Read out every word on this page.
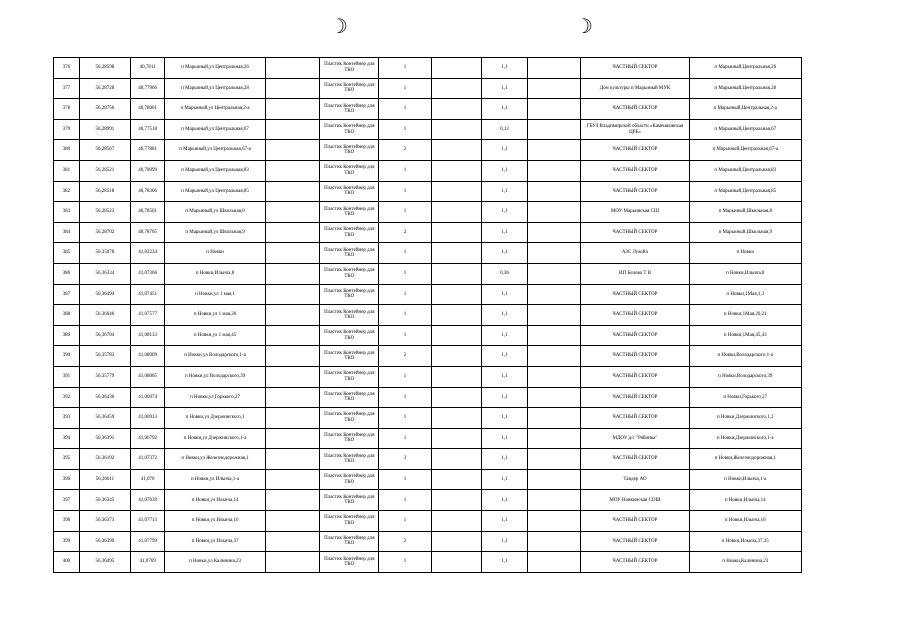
☽	☽
376	56,28598	40,7811	п Марьиный,ул Центральная,26		Пластик Контейнер для ТКО	1		1,1		ЧАСТНЫЙ СЕКТОР	п Марьиный,Центральная,26
377	56,28728	40,77966	п Марьиный,ул Центральная,28		Пластик Контейнер для ТКО	1		1,1		Дом культуры п Марьиный МУК	п Марьиный,Центральная,28
378	56,28756	40,78001	п Марьиный,ул Центральная,2-а		Пластик Контейнер для ТКО	1		1,1		ЧАСТНЫЙ СЕКТОР	п Марьиный,Центральная,2-а
379	56,28991	40,77518	п Марьиный,ул Центральная,67		Пластик Контейнер для ТКО	1		0,12		ГБУЗ Владимирской области «Камешковская ЦРБ»	п Марьиный,Центральная,67
380	56,28567	40,77881	п Марьиный,ул Центральная,67-а		Пластик Контейнер для ТКО	2		1,1		ЧАСТНЫЙ СЕКТОР	п Марьиный,Центральная,67-а
381	56,28521	40,78099	п Марьиный,ул Центральная,83		Пластик Контейнер для ТКО	1		1,1		ЧАСТНЫЙ СЕКТОР	п Марьиный,Центральная,83
382	56,28518	40,78306	п Марьиный,ул Центральная,85		Пластик Контейнер для ТКО	1		1,1		ЧАСТНЫЙ СЕКТОР	п Марьиный,Центральная,85
383	56,28523	40,78501	п Марьиный,ул Школьная,8		Пластик Контейнер для ТКО	1		1,1		МОУ Марьинская СШ	п Марьиный,Школьная,8
384	56,28702	40,78705	п Марьиный,ул Школьная,9		Пластик Контейнер для ТКО	2		1,1		ЧАСТНЫЙ СЕКТОР	п Марьиный,Школьная,9
385	56,35078	41,02234	п Новки		Пластик Контейнер для ТКО	1		1,1		АЗС Лукойл	п Новки
386	56,36334	41,07366	п Новки,Ильича,8		Пластик Контейнер для ТКО	1		0,36		ИП Белова Т В	п Новки,Ильича,8
387	56,36494	41,07451	п Новки,ул 1 мая,1		Пластик Контейнер для ТКО	1		1,1		ЧАСТНЫЙ СЕКТОР	п Новки,1Мая,1,3
388	56,36646	41,07577	п Новки,ул 1 мая,20		Пластик Контейнер для ТКО	1		1,1		ЧАСТНЫЙ СЕКТОР	п Новки,1Мая,20,21
389	56,36704	41,08133	п Новки,ул 1 мая,45		Пластик Контейнер для ТКО	1		1,1		ЧАСТНЫЙ СЕКТОР	п Новки,1Мая,45,43
390	56,35783	41,08009	п Новки,ул Володарского,1-а		Пластик Контейнер для ТКО	2		1,1		ЧАСТНЫЙ СЕКТОР	п Новки,Володарского,1-а
391	56,35779	41,08005	п Новки,ул Володарского,39		Пластик Контейнер для ТКО	1		1,1		ЧАСТНЫЙ СЕКТОР	п Новки,Володарского,39
392	56,36436	41,06974	п Новки,ул Горького,27		Пластик Контейнер для ТКО	1		1,1		ЧАСТНЫЙ СЕКТОР	п Новки,Горького,27
393	56,36459	41,06913	п Новки,ул Дзержинского,1		Пластик Контейнер для ТКО	1		1,1		ЧАСТНЫЙ СЕКТОР	п Новки,Дзержинского,1,2
394	56,36391	41,06792	п Новки,ул Дзержинского,1-а		Пластик Контейнер для ТКО	1		1,1		МДОУ д/с "Рябинка"	п Новки,Дзержинского,1-а
395	56,36192	41,07372	п Новки,ул Железнодорожная,1		Пластик Контейнер для ТКО	3		1,1		ЧАСТНЫЙ СЕКТОР	п Новки,Железнодорожная,1
396	56,36611	41,076	п Новки,ул Ильича,1-а		Пластик Контейнер для ТКО	1		1,1		Тандер АО	п Новки,Ильича,1-а
397	56,36345	41,07639	п Новки,ул Ильича,14		Пластик Контейнер для ТКО	1		1,1		МОУ Новкинская СОШ	п Новки,Ильича,14
398	56,36373	41,07713	п Новки,ул Ильича,16		Пластик Контейнер для ТКО	1		1,1		ЧАСТНЫЙ СЕКТОР	п Новки,Ильича,16
399	56,36399	41,07799	п Новки,ул Ильича,37		Пластик Контейнер для ТКО	2		1,1		ЧАСТНЫЙ СЕКТОР	п Новки,Ильича,37,35
400	56,36495	41,0769	п Новки,ул Калинина,23		Пластик Контейнер для ТКО	1		1,1		ЧАСТНЫЙ СЕКТОР	п Новки,Калинина,23
